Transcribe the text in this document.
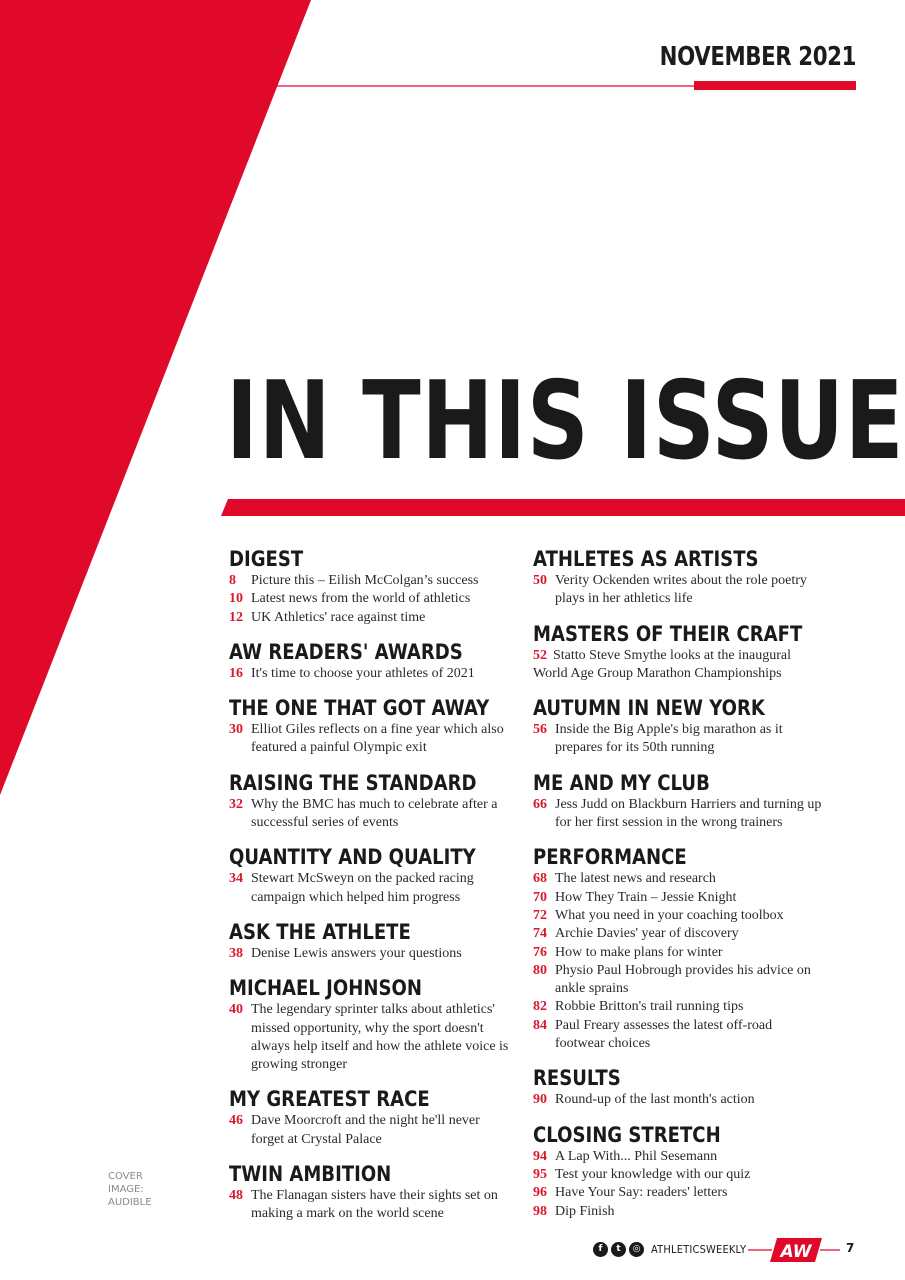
NOVEMBER 2021
IN THIS ISSUE
DIGEST
8	Picture this – Eilish McColgan’s success
10 Latest news from the world of athletics
12 UK Athletics' race against time
AW READERS' AWARDS
16 It's time to choose your athletes of 2021
THE ONE THAT GOT AWAY
30 Elliot Giles reflects on a fine year which also featured a painful Olympic exit
RAISING THE STANDARD
32 Why the BMC has much to celebrate after a successful series of events
QUANTITY AND QUALITY
34 Stewart McSweyn on the packed racing campaign which helped him progress
ASK THE ATHLETE
38 Denise Lewis answers your questions
MICHAEL JOHNSON
40 The legendary sprinter talks about athletics' missed opportunity, why the sport doesn't always help itself and how the athlete voice is growing stronger
MY GREATEST RACE
46 Dave Moorcroft and the night he'll never forget at Crystal Palace
TWIN AMBITION
48 The Flanagan sisters have their sights set on making a mark on the world scene
ATHLETES AS ARTISTS
50 Verity Ockenden writes about the role poetry plays in her athletics life
MASTERS OF THEIR CRAFT
52 Statto Steve Smythe looks at the inaugural World Age Group Marathon Championships
AUTUMN IN NEW YORK
56 Inside the Big Apple's big marathon as it prepares for its 50th running
ME AND MY CLUB
66 Jess Judd on Blackburn Harriers and turning up for her first session in the wrong trainers
PERFORMANCE
68 The latest news and research
70 How They Train – Jessie Knight
72 What you need in your coaching toolbox
74 Archie Davies' year of discovery
76 How to make plans for winter
80 Physio Paul Hobrough provides his advice on ankle sprains
82 Robbie Britton's trail running tips
84 Paul Freary assesses the latest off-road footwear choices
RESULTS
90 Round-up of the last month's action
CLOSING STRETCH
94 A Lap With... Phil Sesemann
95 Test your knowledge with our quiz
96 Have Your Say: readers' letters
98 Dip Finish
COVER IMAGE: AUDIBLE
f	t	◎ ATHLETICSWEEKLY AW	7
